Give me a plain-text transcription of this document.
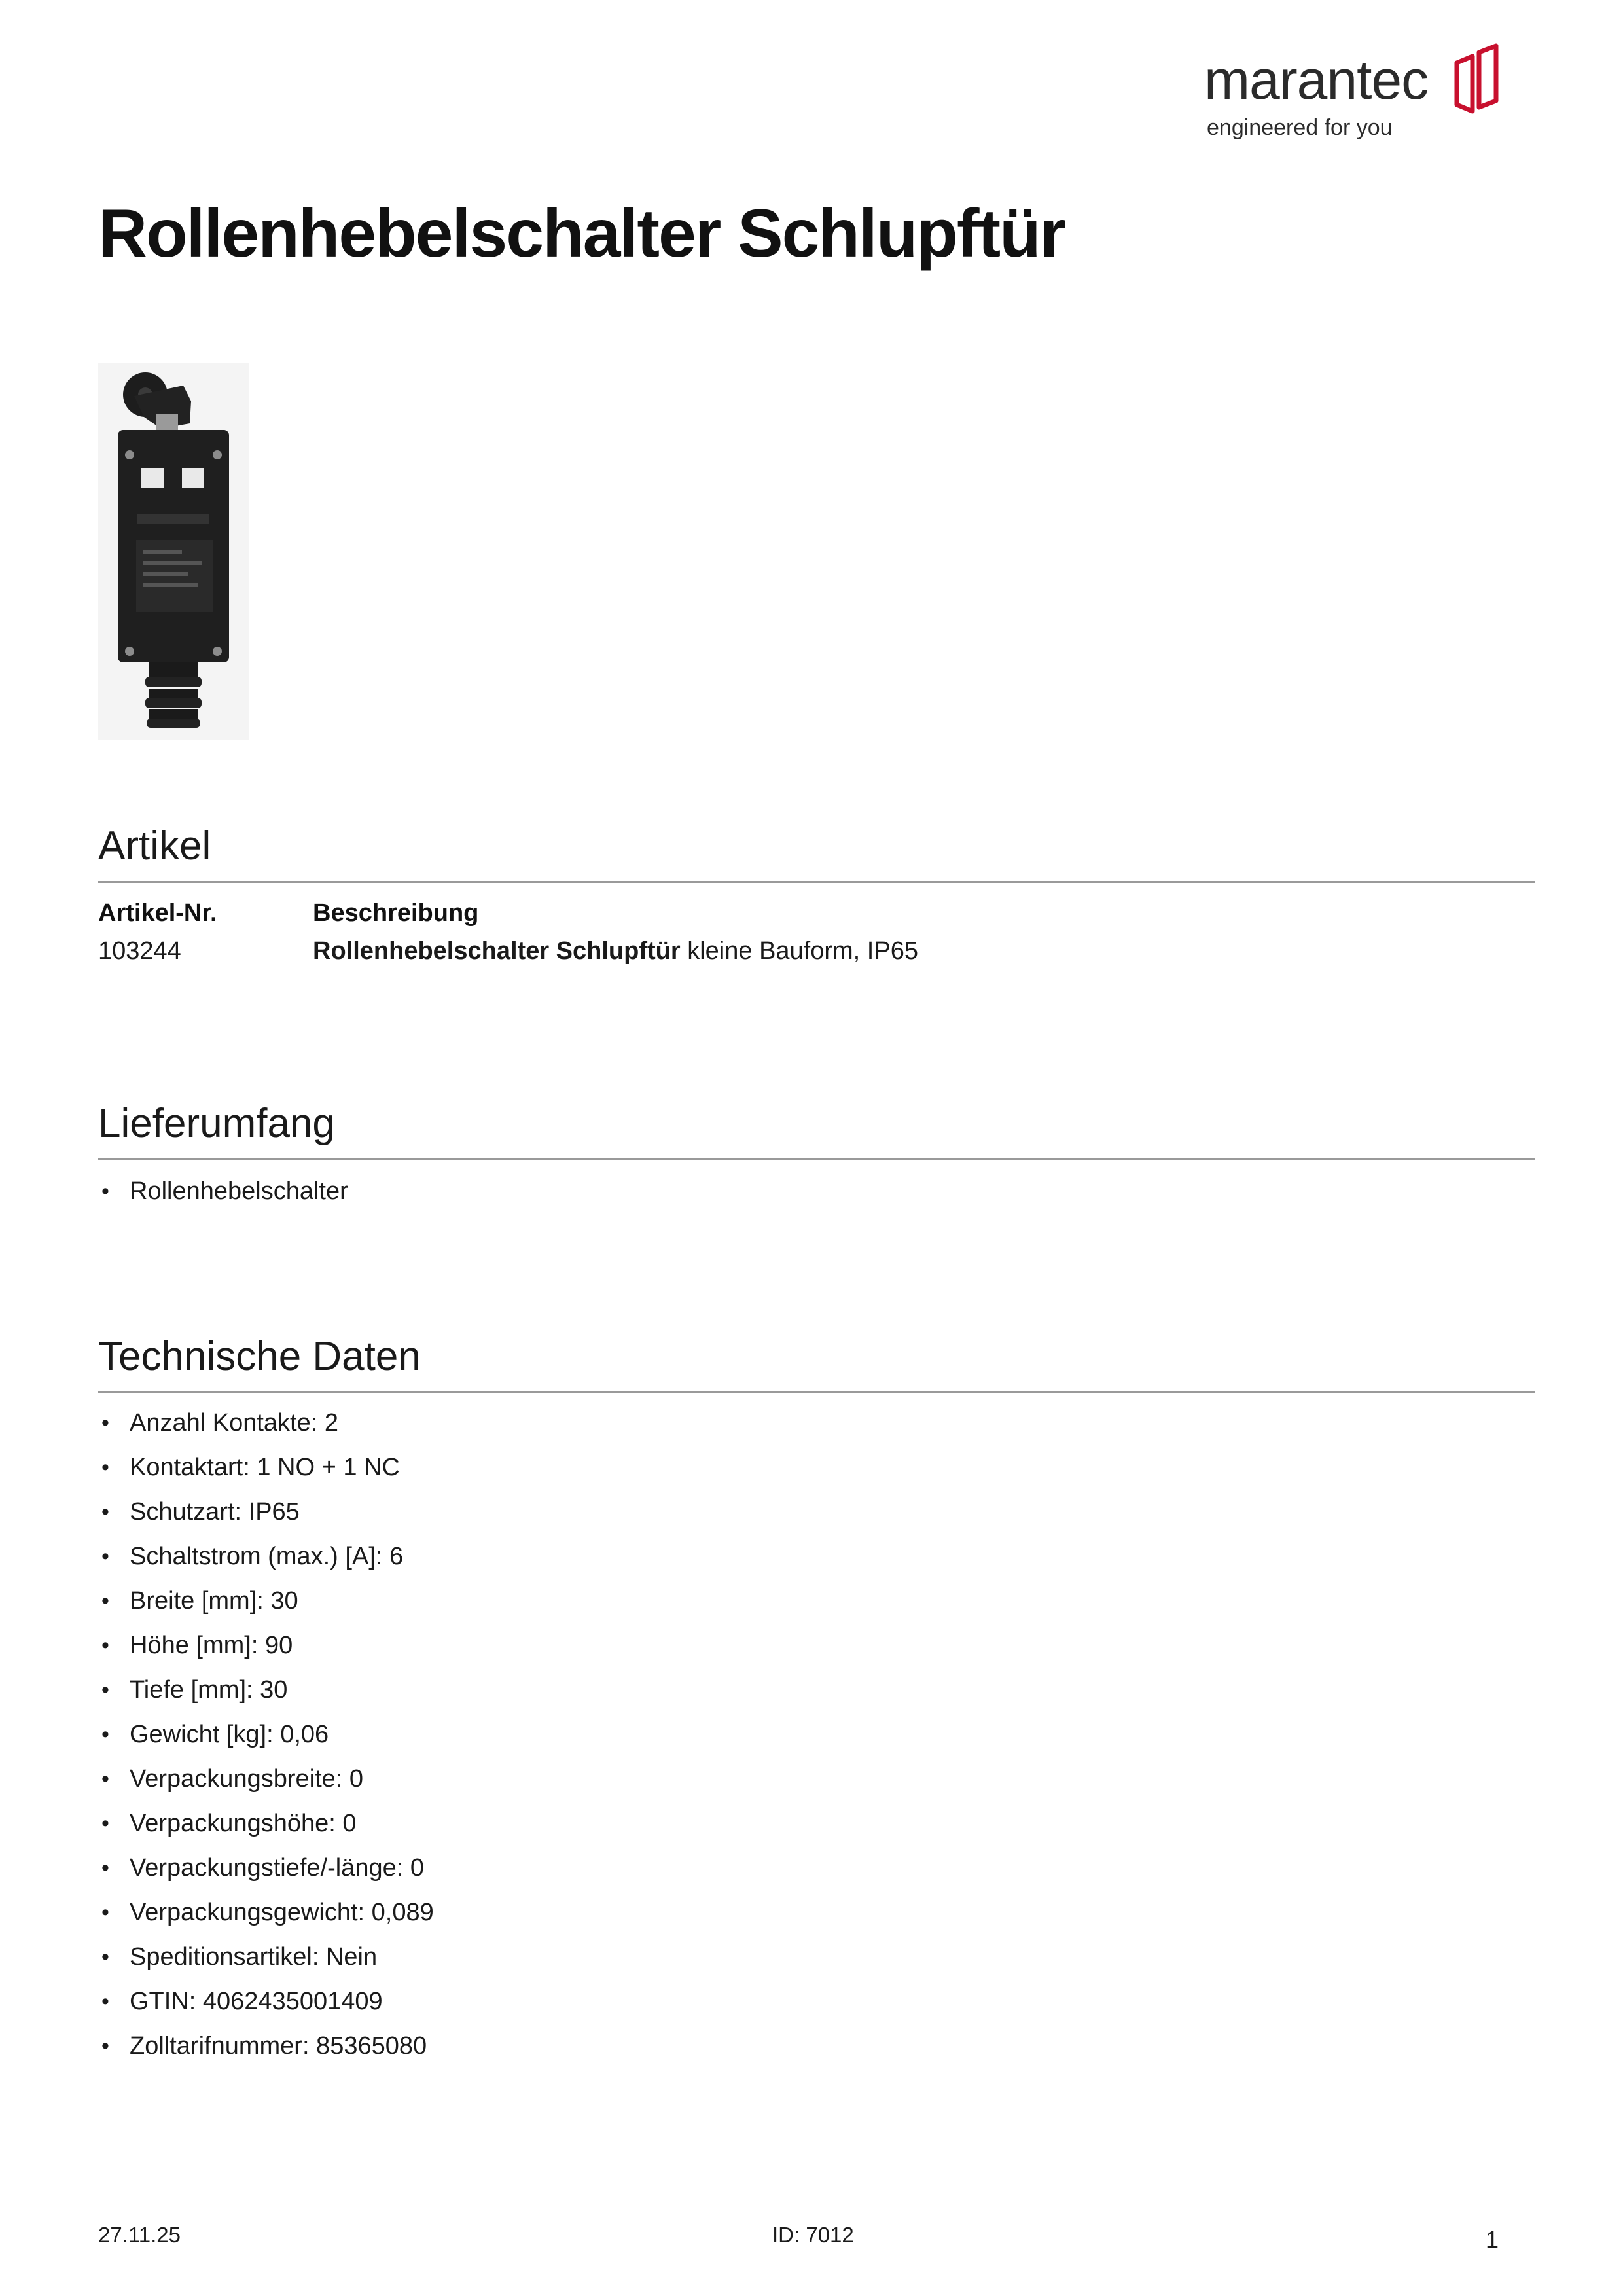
marantec
engineered for you
Rollenhebelschalter Schlupftür
Artikel
Artikel-Nr.	Beschreibung
103244	Rollenhebelschalter Schlupftür kleine Bauform, IP65
Lieferumfang
• Rollenhebelschalter
Technische Daten
• Anzahl Kontakte: 2
• Kontaktart: 1 NO + 1 NC
• Schutzart: IP65
• Schaltstrom (max.) [A]: 6
• Breite [mm]: 30
• Höhe [mm]: 90
• Tiefe [mm]: 30
• Gewicht [kg]: 0,06
• Verpackungsbreite: 0
• Verpackungshöhe: 0
• Verpackungstiefe/-länge: 0
• Verpackungsgewicht: 0,089
• Speditionsartikel: Nein
• GTIN: 4062435001409
• Zolltarifnummer: 85365080
27.11.25	ID: 7012	1
